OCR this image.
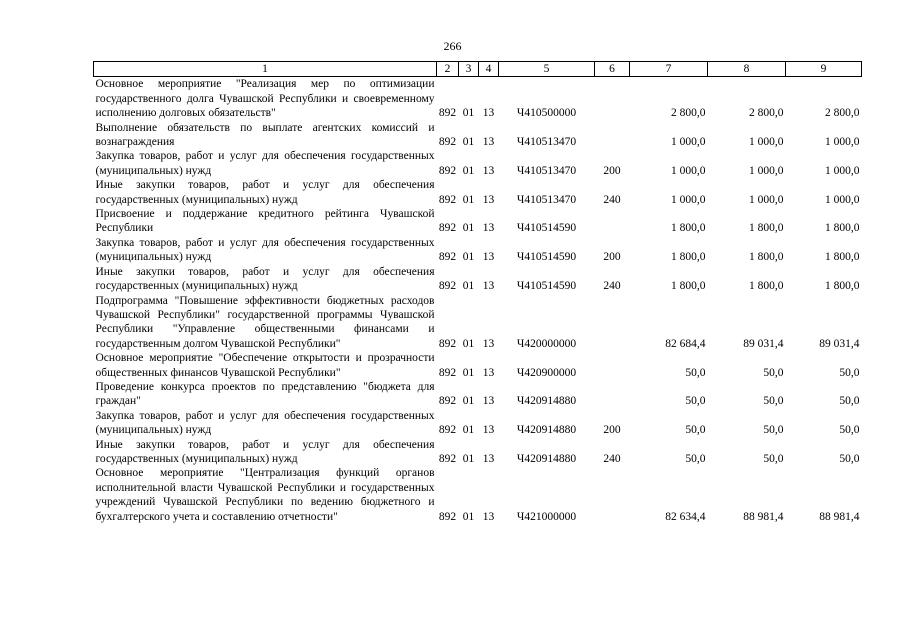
266
1	2	3	4	5	6	7	8	9
Основное мероприятие "Реализация мер по оптимизации государственного долга Чувашской Республики и своевременному исполнению долговых обязательств"	892	01	13	Ч410500000		2 800,0	2 800,0	2 800,0
Выполнение обязательств по выплате агентских комиссий и вознаграждения	892	01	13	Ч410513470		1 000,0	1 000,0	1 000,0
Закупка товаров, работ и услуг для обеспечения государственных (муниципальных) нужд	892	01	13	Ч410513470	200	1 000,0	1 000,0	1 000,0
Иные закупки товаров, работ и услуг для обеспечения государственных (муниципальных) нужд	892	01	13	Ч410513470	240	1 000,0	1 000,0	1 000,0
Присвоение и поддержание кредитного рейтинга Чувашской Республики	892	01	13	Ч410514590		1 800,0	1 800,0	1 800,0
Закупка товаров, работ и услуг для обеспечения государственных (муниципальных) нужд	892	01	13	Ч410514590	200	1 800,0	1 800,0	1 800,0
Иные закупки товаров, работ и услуг для обеспечения государственных (муниципальных) нужд	892	01	13	Ч410514590	240	1 800,0	1 800,0	1 800,0
Подпрограмма "Повышение эффективности бюджетных расходов Чувашской Республики" государственной программы Чувашской Республики "Управление общественными финансами и государственным долгом Чувашской Республики"	892	01	13	Ч420000000		82 684,4	89 031,4	89 031,4
Основное мероприятие "Обеспечение открытости и прозрачности общественных финансов Чувашской Республики"	892	01	13	Ч420900000		50,0	50,0	50,0
Проведение конкурса проектов по представлению "бюджета для граждан"	892	01	13	Ч420914880		50,0	50,0	50,0
Закупка товаров, работ и услуг для обеспечения государственных (муниципальных) нужд	892	01	13	Ч420914880	200	50,0	50,0	50,0
Иные закупки товаров, работ и услуг для обеспечения государственных (муниципальных) нужд	892	01	13	Ч420914880	240	50,0	50,0	50,0
Основное мероприятие "Централизация функций органов исполнительной власти Чувашской Республики и государственных учреждений Чувашской Республики по ведению бюджетного и бухгалтерского учета и составлению отчетности"	892	01	13	Ч421000000		82 634,4	88 981,4	88 981,4
